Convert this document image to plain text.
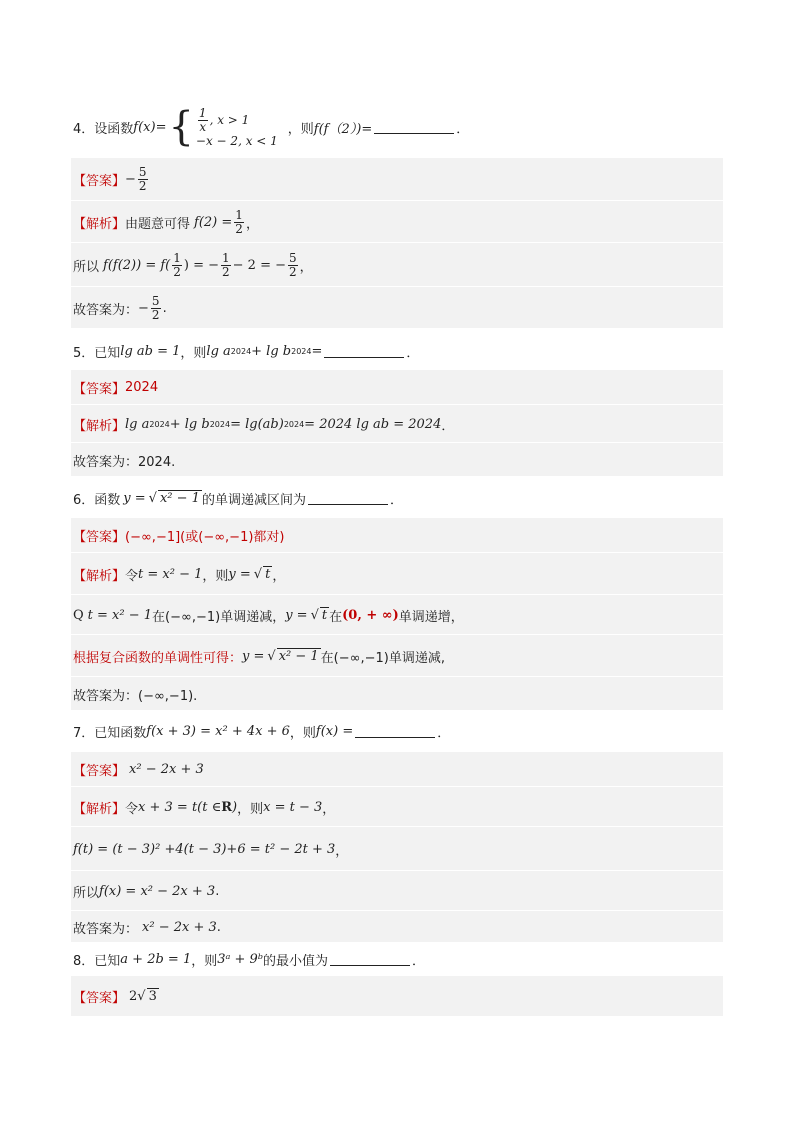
4．设函数 f(x)= { $\frac{1}{x}$ , x > 1
−x − 2, x < 1
，则 f(f（2）)=	．
【答案】 − $\frac{5}{2}$
【解析】 由题意可得 $f(2) = \frac{1}{2}$ ，
所以 $f(f(2)) = f( \frac{1}{2}$ ) = − $\frac{1}{2} - 2$ = − $\frac{5}{2}$ ，
故答案为： − $\frac{5}{2}$ .
5．已知 lg ab = 1 ，则 lg a 2024 + lg b 2024 =	．
【答案】 2024
【解析】 lg a 2024 + lg b 2024 = lg(ab) 2024 = 2024 lg ab = 2024 ．
故答案为：2024.
6．函数 y = √ x² − 1 的单调递减区间为	．
【答案】 (−∞,−1](或(−∞,−1)都对)
【解析】 令 t = x² − 1 ，则 y = √ t ，
Q t = x² − 1 在(−∞,−1)单调递减， y = √ t 在 (0, + ∞) 单调递增，
根据复合函数的单调性可得： y = √ x² − 1 在(−∞,−1)单调递减,
故答案为：(−∞,−1).
7．已知函数 f(x + 3) = x² + 4x + 6 ，则 f(x) =	．
【答案】 x² − 2x + 3
【解析】 令 x + 3 = t(t ∈ R ) ，则 x = t − 3 ，
f(t) = (t − 3)² +4(t − 3)+6 = t² − 2t + 3 ，
所以 f(x) = x² − 2x + 3 .
故答案为： x² − 2x + 3 .
8．已知 a + 2b = 1 ，则 3ᵃ + 9ᵇ 的最小值为	．
【答案】 2 √ 3
